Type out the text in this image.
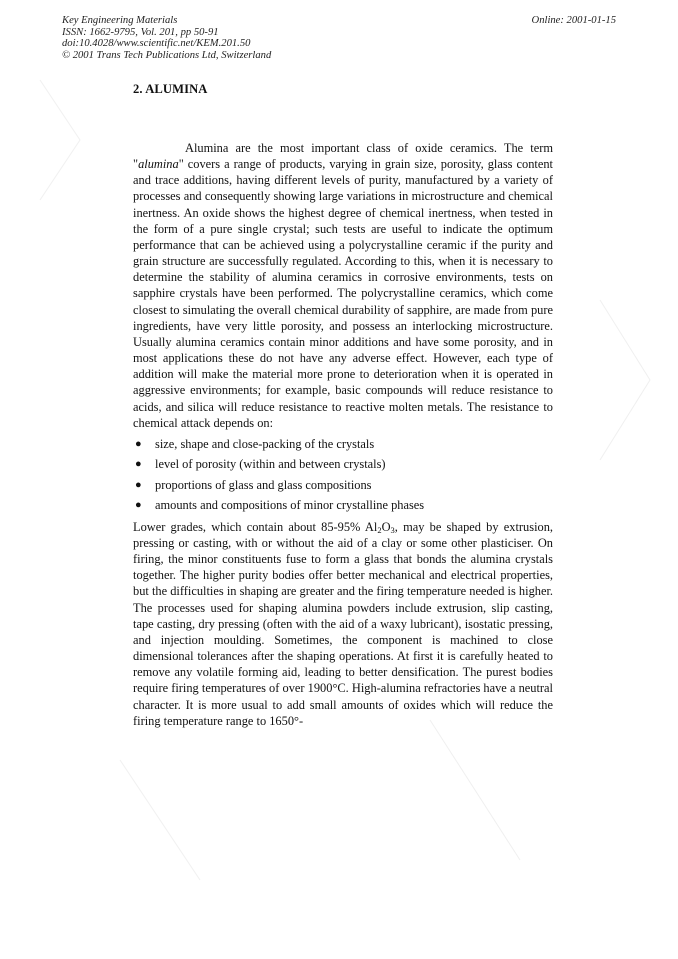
Key Engineering Materials
ISSN: 1662-9795, Vol. 201, pp 50-91
doi:10.4028/www.scientific.net/KEM.201.50
© 2001 Trans Tech Publications Ltd, Switzerland
Online: 2001-01-15
2. ALUMINA

Alumina are the most important class of oxide ceramics. The term "alumina" covers a range of products, varying in grain size, porosity, glass content and trace additions, having different levels of purity, manufactured by a variety of processes and consequently showing large variations in microstructure and chemical inertness. An oxide shows the highest degree of chemical inertness, when tested in the form of a pure single crystal; such tests are useful to indicate the optimum performance that can be achieved using a polycrystalline ceramic if the purity and grain structure are successfully regulated. According to this, when it is necessary to determine the stability of alumina ceramics in corrosive environments, tests on sapphire crystals have been performed. The polycrystalline ceramics, which come closest to simulating the overall chemical durability of sapphire, are made from pure ingredients, have very little porosity, and possess an interlocking microstructure. Usually alumina ceramics contain minor additions and have some porosity, and in most applications these do not have any adverse effect. However, each type of addition will make the material more prone to deterioration when it is operated in aggressive environments; for example, basic compounds will reduce resistance to acids, and silica will reduce resistance to reactive molten metals. The resistance to chemical attack depends on:

● size, shape and close-packing of the crystals
● level of porosity (within and between crystals)
● proportions of glass and glass compositions
● amounts and compositions of minor crystalline phases

Lower grades, which contain about 85-95% $Al_2O_3$, may be shaped by extrusion, pressing or casting, with or without the aid of a clay or some other plasticiser. On firing, the minor constituents fuse to form a glass that bonds the alumina crystals together. The higher purity bodies offer better mechanical and electrical properties, but the difficulties in shaping are greater and the firing temperature needed is higher. The processes used for shaping alumina powders include extrusion, slip casting, tape casting, dry pressing (often with the aid of a waxy lubricant), isostatic pressing, and injection moulding. Sometimes, the component is machined to close dimensional tolerances after the shaping operations. At first it is carefully heated to remove any volatile forming aid, leading to better densification. The purest bodies require firing temperatures of over 1900°C. High-alumina refractories have a neutral character. It is more usual to add small amounts of oxides which will reduce the firing temperature range to 1650°-
